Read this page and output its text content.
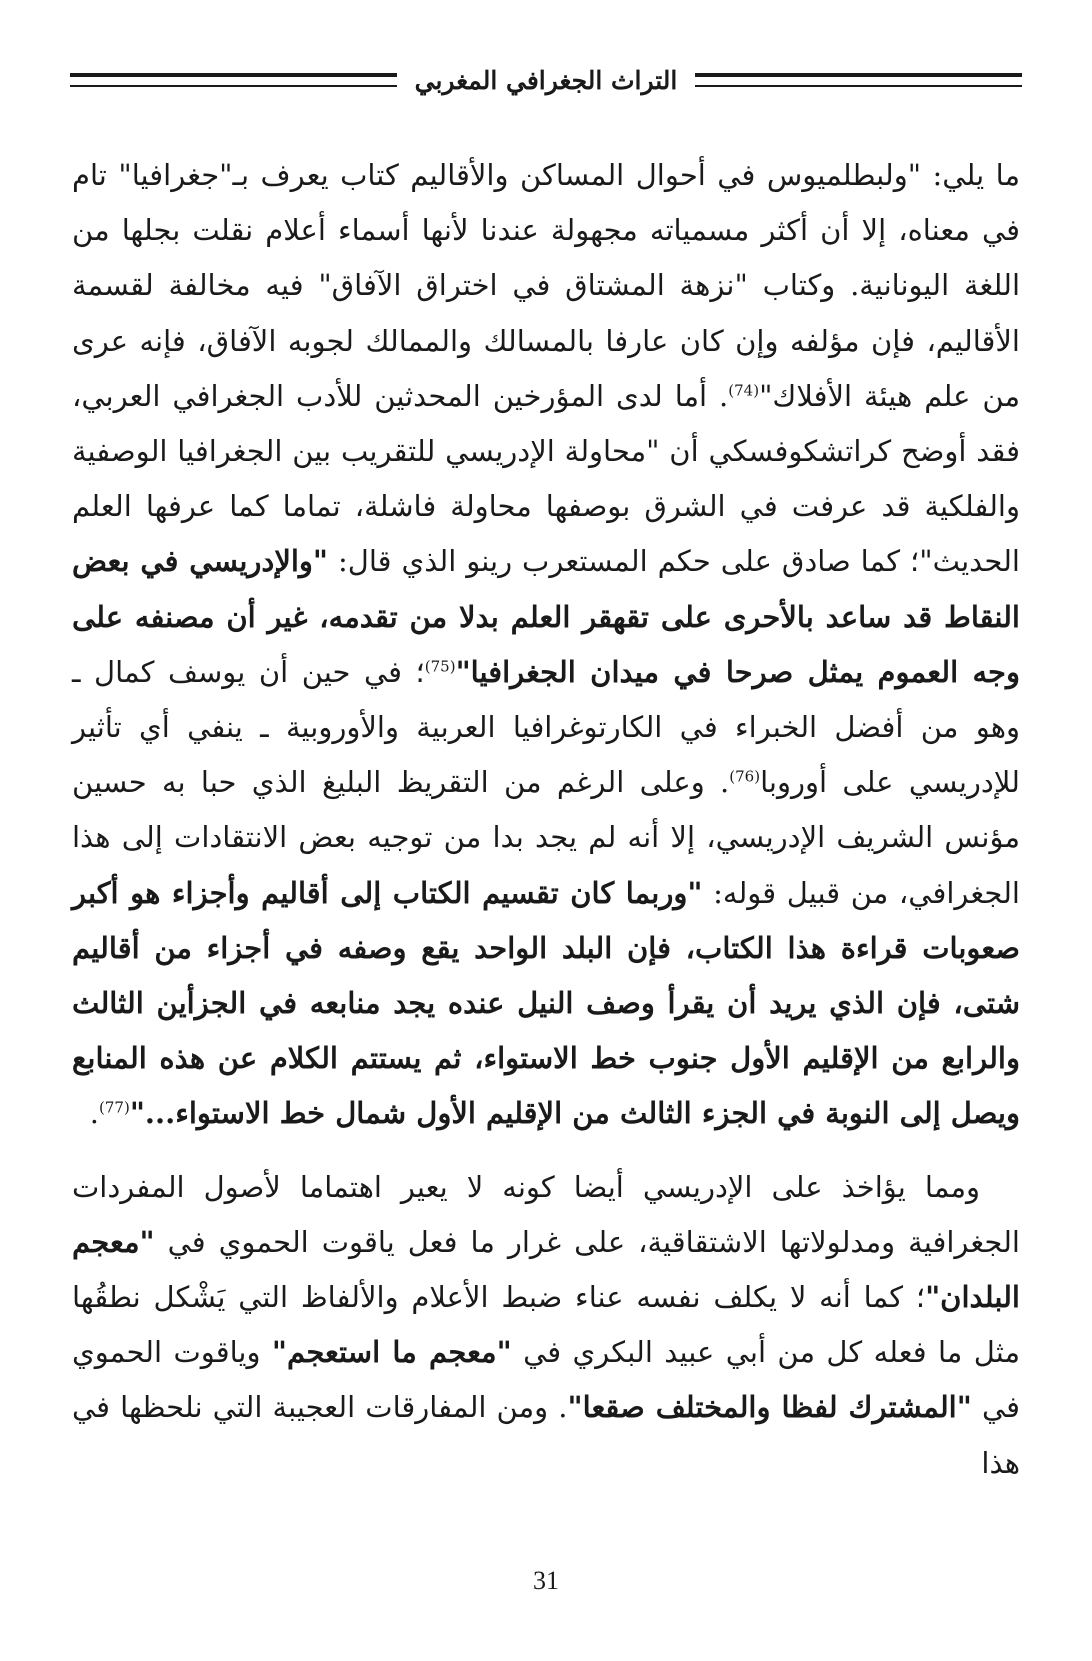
التراث الجغرافي المغربي

ما يلي: "ولبطلميوس في أحوال المساكن والأقاليم كتاب يعرف بـ"جغرافيا" تام في معناه، إلا أن أكثر مسمياته مجهولة عندنا لأنها أسماء أعلام نقلت بجلها من اللغة اليونانية. وكتاب "نزهة المشتاق في اختراق الآفاق" فيه مخالفة لقسمة الأقاليم، فإن مؤلفه وإن كان عارفا بالمسالك والممالك لجوبه الآفاق، فإنه عرى من علم هيئة الأفلاك"$^{(74)}$. أما لدى المؤرخين المحدثين للأدب الجغرافي العربي، فقد أوضح كراتشكوفسكي أن "محاولة الإدريسي للتقريب بين الجغرافيا الوصفية والفلكية قد عرفت في الشرق بوصفها محاولة فاشلة، تماما كما عرفها العلم الحديث"؛ كما صادق على حكم المستعرب رينو الذي قال: "والإدريسي في بعض النقاط قد ساعد بالأحرى على تقهقر العلم بدلا من تقدمه، غير أن مصنفه على وجه العموم يمثل صرحا في ميدان الجغرافيا"$^{(75)}$؛ في حين أن يوسف كمال ـ وهو من أفضل الخبراء في الكارتوغرافيا العربية والأوروبية ـ ينفي أي تأثير للإدريسي على أوروبا$^{(76)}$. وعلى الرغم من التقريظ البليغ الذي حبا به حسين مؤنس الشريف الإدريسي، إلا أنه لم يجد بدا من توجيه بعض الانتقادات إلى هذا الجغرافي، من قبيل قوله: "وربما كان تقسيم الكتاب إلى أقاليم وأجزاء هو أكبر صعوبات قراءة هذا الكتاب، فإن البلد الواحد يقع وصفه في أجزاء من أقاليم شتى، فإن الذي يريد أن يقرأ وصف النيل عنده يجد منابعه في الجزأين الثالث والرابع من الإقليم الأول جنوب خط الاستواء، ثم يستتم الكلام عن هذه المنابع ويصل إلى النوبة في الجزء الثالث من الإقليم الأول شمال خط الاستواء..."$^{(77)}$.

ومما يؤاخذ على الإدريسي أيضا كونه لا يعير اهتماما لأصول المفردات الجغرافية ومدلولاتها الاشتقاقية، على غرار ما فعل ياقوت الحموي في "معجم البلدان"؛ كما أنه لا يكلف نفسه عناء ضبط الأعلام والألفاظ التي يَشْكل نطقُها مثل ما فعله كل من أبي عبيد البكري في "معجم ما استعجم" وياقوت الحموي في "المشترك لفظا والمختلف صقعا". ومن المفارقات العجيبة التي نلحظها في هذا

31
